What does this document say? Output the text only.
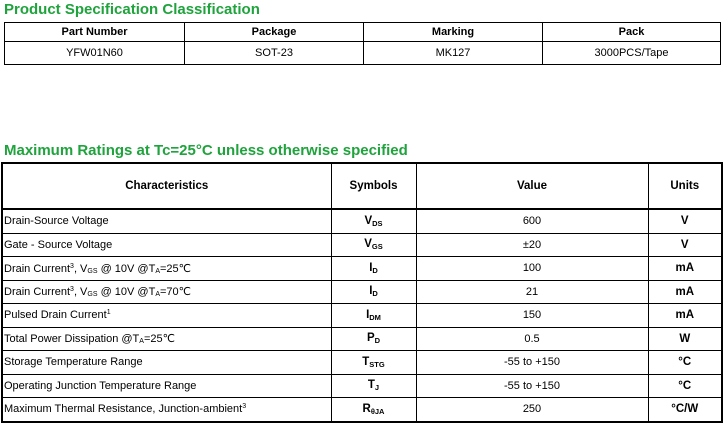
Product Specification Classification
Part Number	Package	Marking	Pack
YFW01N60	SOT-23	MK127	3000PCS/Tape
Maximum Ratings at Tc=25°C unless otherwise specified
Characteristics	Symbols	Value	Units
Drain-Source Voltage	$V_{DS}$	600	V
Gate - Source Voltage	$V_{GS}$	±20	V
Drain Current$^3$, $V_{GS}$ @ 10V $@T_A=25℃$	$I_D$	100	mA
Drain Current$^3$, $V_{GS}$ @ 10V $@T_A=70℃$	$I_D$	21	mA
Pulsed Drain Current$^1$	$I_{DM}$	150	mA
Total Power Dissipation $@T_A=25℃$	$P_D$	0.5	W
Storage Temperature Range	$T_{STG}$	-55 to +150	°C
Operating Junction Temperature Range	$T_J$	-55 to +150	°C
Maximum Thermal Resistance, Junction-ambient$^3$	$R_{\theta JA}$	250	°C/W
